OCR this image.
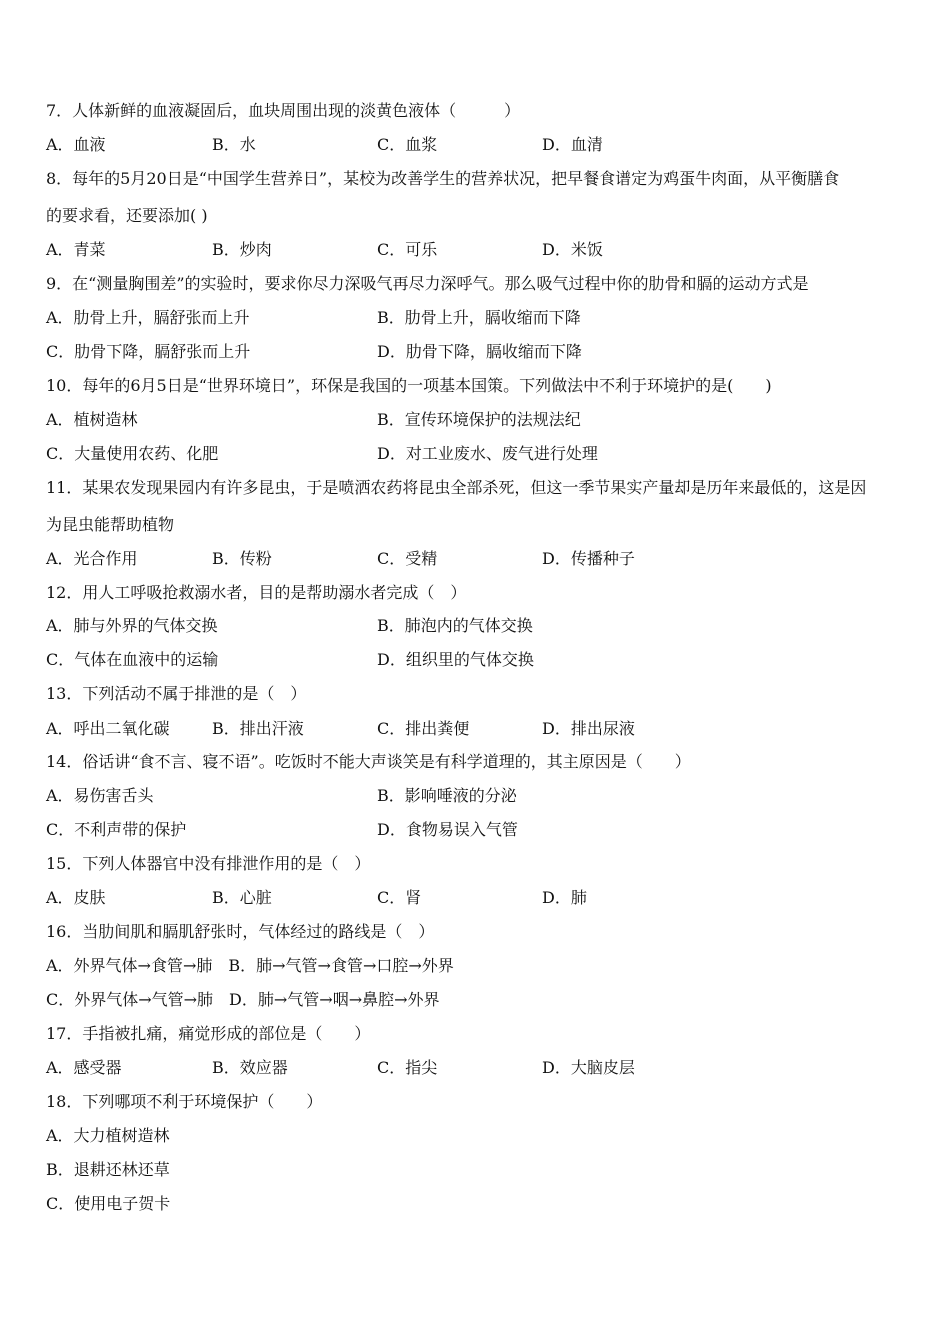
7．人体新鲜的血液凝固后，血块周围出现的淡黄色液体（　　　）
A．血液	B．水	C．血浆	D．血清
8．每年的5月20日是“中国学生营养日”，某校为改善学生的营养状况，把早餐食谱定为鸡蛋牛肉面，从平衡膳食
的要求看，还要添加( )
A．青菜	B．炒肉	C．可乐	D．米饭
9．在“测量胸围差”的实验时，要求你尽力深吸气再尽力深呼气。那么吸气过程中你的肋骨和膈的运动方式是
A．肋骨上升，膈舒张而上升	B．肋骨上升，膈收缩而下降
C．肋骨下降，膈舒张而上升	D．肋骨下降，膈收缩而下降
10．每年的6月5日是“世界环境日”，环保是我国的一项基本国策。下列做法中不利于环境护的是(　　)
A．植树造林	B．宣传环境保护的法规法纪
C．大量使用农药、化肥	D．对工业废水、废气进行处理
11．某果农发现果园内有许多昆虫，于是喷洒农药将昆虫全部杀死，但这一季节果实产量却是历年来最低的，这是因
为昆虫能帮助植物
A．光合作用	B．传粉	C．受精	D．传播种子
12．用人工呼吸抢救溺水者，目的是帮助溺水者完成（　）
A．肺与外界的气体交换	B．肺泡内的气体交换
C．气体在血液中的运输	D．组织里的气体交换
13．下列活动不属于排泄的是（　）
A．呼出二氧化碳	B．排出汗液	C．排出粪便	D．排出尿液
14．俗话讲“食不言、寝不语”。吃饭时不能大声谈笑是有科学道理的，其主原因是（　　）
A．易伤害舌头	B．影响唾液的分泌
C．不利声带的保护	D．食物易误入气管
15．下列人体器官中没有排泄作用的是（　）
A．皮肤	B．心脏	C．肾	D．肺
16．当肋间肌和膈肌舒张时，气体经过的路线是（　）
A．外界气体→食管→肺　B．肺→气管→食管→口腔→外界
C．外界气体→气管→肺　D．肺→气管→咽→鼻腔→外界
17．手指被扎痛，痛觉形成的部位是（　　）
A．感受器	B．效应器	C．指尖	D．大脑皮层
18．下列哪项不利于环境保护（　　）
A．大力植树造林
B．退耕还林还草
C．使用电子贺卡
